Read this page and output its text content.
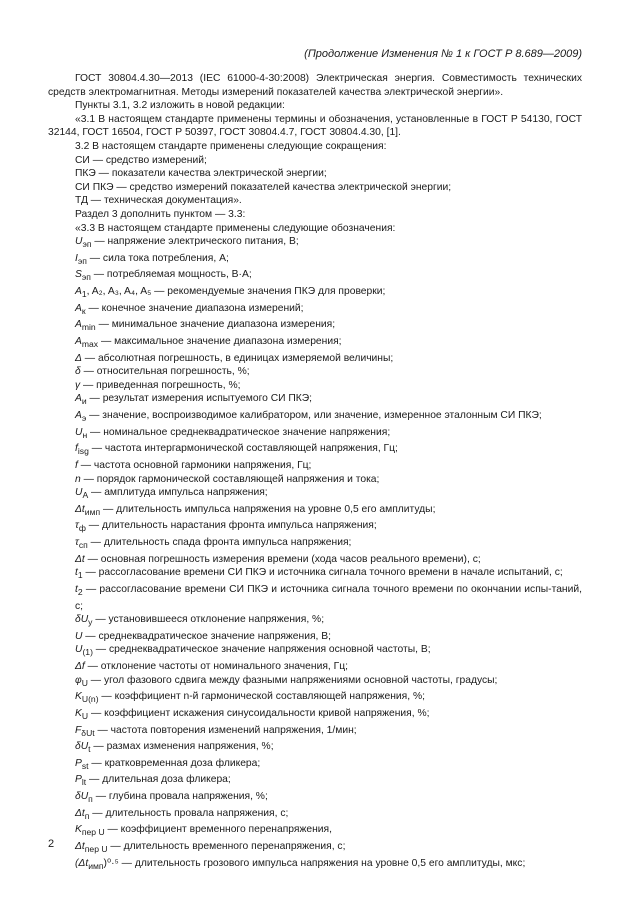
(Продолжение Изменения № 1 к ГОСТ Р 8.689—2009)
ГОСТ 30804.4.30—2013 (IEC 61000-4-30:2008) Электрическая энергия. Совместимость технических средств электромагнитная. Методы измерений показателей качества электрической энергии».
Пункты 3.1, 3.2 изложить в новой редакции:
«3.1 В настоящем стандарте применены термины и обозначения, установленные в ГОСТ Р 54130, ГОСТ 32144, ГОСТ 16504, ГОСТ Р 50397, ГОСТ 30804.4.7, ГОСТ 30804.4.30, [1].
3.2 В настоящем стандарте применены следующие сокращения:
СИ — средство измерений;
ПКЭ — показатели качества электрической энергии;
СИ ПКЭ — средство измерений показателей качества электрической энергии;
ТД — техническая документация».
Раздел 3 дополнить пунктом — 3.3:
«3.3 В настоящем стандарте применены следующие обозначения:
$U_{эп}$ — напряжение электрического питания, В;
$I_{эп}$ — сила тока потребления, А;
$S_{эп}$ — потребляемая мощность, В·А;
$A_1$, A₂, A₃, A₄, A₅ — рекомендуемые значения ПКЭ для проверки;
$A_к$ — конечное значение диапазона измерений;
$A_{min}$ — минимальное значение диапазона измерения;
$A_{max}$ — максимальное значение диапазона измерения;
Δ — абсолютная погрешность, в единицах измеряемой величины;
δ — относительная погрешность, %;
γ — приведенная погрешность, %;
$A_и$ — результат измерения испытуемого СИ ПКЭ;
$A_э$ — значение, воспроизводимое калибратором, или значение, измеренное эталонным СИ ПКЭ;
$U_н$ — номинальное среднеквадратическое значение напряжения;
$f_{isg}$ — частота интергармонической составляющей напряжения, Гц;
f — частота основной гармоники напряжения, Гц;
n — порядок гармонической составляющей напряжения и тока;
$U_A$ — амплитуда импульса напряжения;
$\Delta t_{имп}$ — длительность импульса напряжения на уровне 0,5 его амплитуды;
$\tau_ф$ — длительность нарастания фронта импульса напряжения;
$\tau_{сп}$ — длительность спада фронта импульса напряжения;
Δt — основная погрешность измерения времени (хода часов реального времени), с;
$t_1$ — рассогласование времени СИ ПКЭ и источника сигнала точного времени в начале испытаний, с;
$t_2$ — рассогласование времени СИ ПКЭ и источника сигнала точного времени по окончании испы-таний, с;
$\delta U_y$ — установившееся отклонение напряжения, %;
U — среднеквадратическое значение напряжения, В;
$U_{(1)}$ — среднеквадратическое значение напряжения основной частоты, В;
Δf — отклонение частоты от номинального значения, Гц;
$\varphi_U$ — угол фазового сдвига между фазными напряжениями основной частоты, градусы;
$K_{U(n)}$ — коэффициент n-й гармонической составляющей напряжения, %;
$K_U$ — коэффициент искажения синусоидальности кривой напряжения, %;
$F_{\delta Ut}$ — частота повторения изменений напряжения, 1/мин;
$\delta U_t$ — размах изменения напряжения, %;
$P_{st}$ — кратковременная доза фликера;
$P_{lt}$ — длительная доза фликера;
$\delta U_п$ — глубина провала напряжения, %;
$\Delta t_п$ — длительность провала напряжения, с;
$K_{пер U}$ — коэффициент временного перенапряжения,
$\Delta t_{пер U}$ — длительность временного перенапряжения, с;
$(\Delta t_{имп})^0\cdot^5$ — длительность грозового импульса напряжения на уровне 0,5 его амплитуды, мкс;
2
